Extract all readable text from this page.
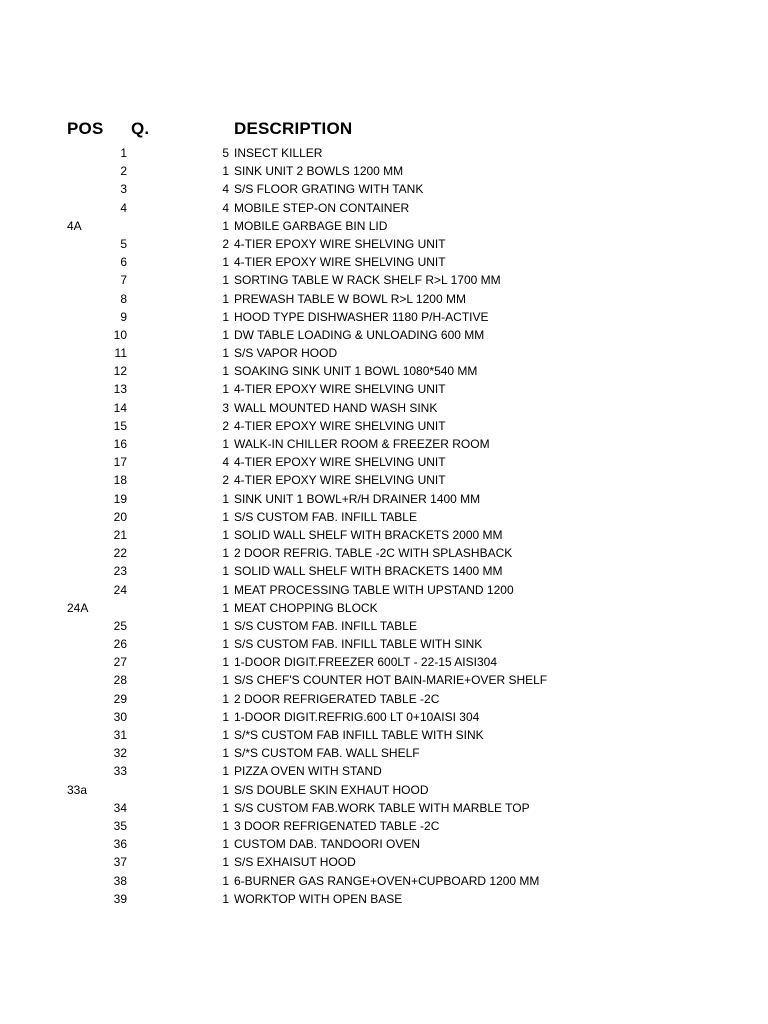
POS Q.	DESCRIPTION
1	5 INSECT KILLER
2	1 SINK UNIT 2 BOWLS 1200 MM
3	4 S/S FLOOR GRATING WITH TANK
4	4 MOBILE STEP-ON CONTAINER
4A	1 MOBILE GARBAGE BIN LID
5	2 4-TIER EPOXY WIRE SHELVING UNIT
6	1 4-TIER EPOXY WIRE SHELVING UNIT
7	1 SORTING TABLE W RACK SHELF R>L 1700 MM
8	1 PREWASH TABLE W BOWL R>L 1200 MM
9	1 HOOD TYPE DISHWASHER 1180 P/H-ACTIVE
10	1 DW TABLE LOADING & UNLOADING 600 MM
11	1 S/S VAPOR HOOD
12	1 SOAKING SINK UNIT 1 BOWL 1080*540 MM
13	1 4-TIER EPOXY WIRE SHELVING UNIT
14	3 WALL MOUNTED HAND WASH SINK
15	2 4-TIER EPOXY WIRE SHELVING UNIT
16	1 WALK-IN CHILLER ROOM & FREEZER ROOM
17	4 4-TIER EPOXY WIRE SHELVING UNIT
18	2 4-TIER EPOXY WIRE SHELVING UNIT
19	1 SINK UNIT 1 BOWL+R/H DRAINER 1400 MM
20	1 S/S CUSTOM FAB. INFILL TABLE
21	1 SOLID WALL SHELF WITH BRACKETS 2000 MM
22	1 2 DOOR REFRIG. TABLE -2C WITH SPLASHBACK
23	1 SOLID WALL SHELF WITH BRACKETS 1400 MM
24	1 MEAT PROCESSING TABLE WITH UPSTAND 1200
24A	1 MEAT CHOPPING BLOCK
25	1 S/S CUSTOM FAB. INFILL TABLE
26	1 S/S CUSTOM FAB. INFILL TABLE WITH SINK
27	1 1-DOOR DIGIT.FREEZER 600LT - 22-15 AISI304
28	1 S/S CHEF'S COUNTER HOT BAIN-MARIE+OVER SHELF
29	1 2 DOOR REFRIGERATED TABLE -2C
30	1 1-DOOR DIGIT.REFRIG.600 LT 0+10AISI 304
31	1 S/*S CUSTOM FAB INFILL TABLE WITH SINK
32	1 S/*S CUSTOM FAB. WALL SHELF
33	1 PIZZA OVEN WITH STAND
33a	1 S/S DOUBLE SKIN EXHAUT HOOD
34	1 S/S CUSTOM FAB.WORK TABLE WITH MARBLE TOP
35	1 3 DOOR REFRIGENATED TABLE -2C
36	1 CUSTOM DAB. TANDOORI OVEN
37	1 S/S EXHAISUT HOOD
38	1 6-BURNER GAS RANGE+OVEN+CUPBOARD 1200 MM
39	1 WORKTOP WITH OPEN BASE
